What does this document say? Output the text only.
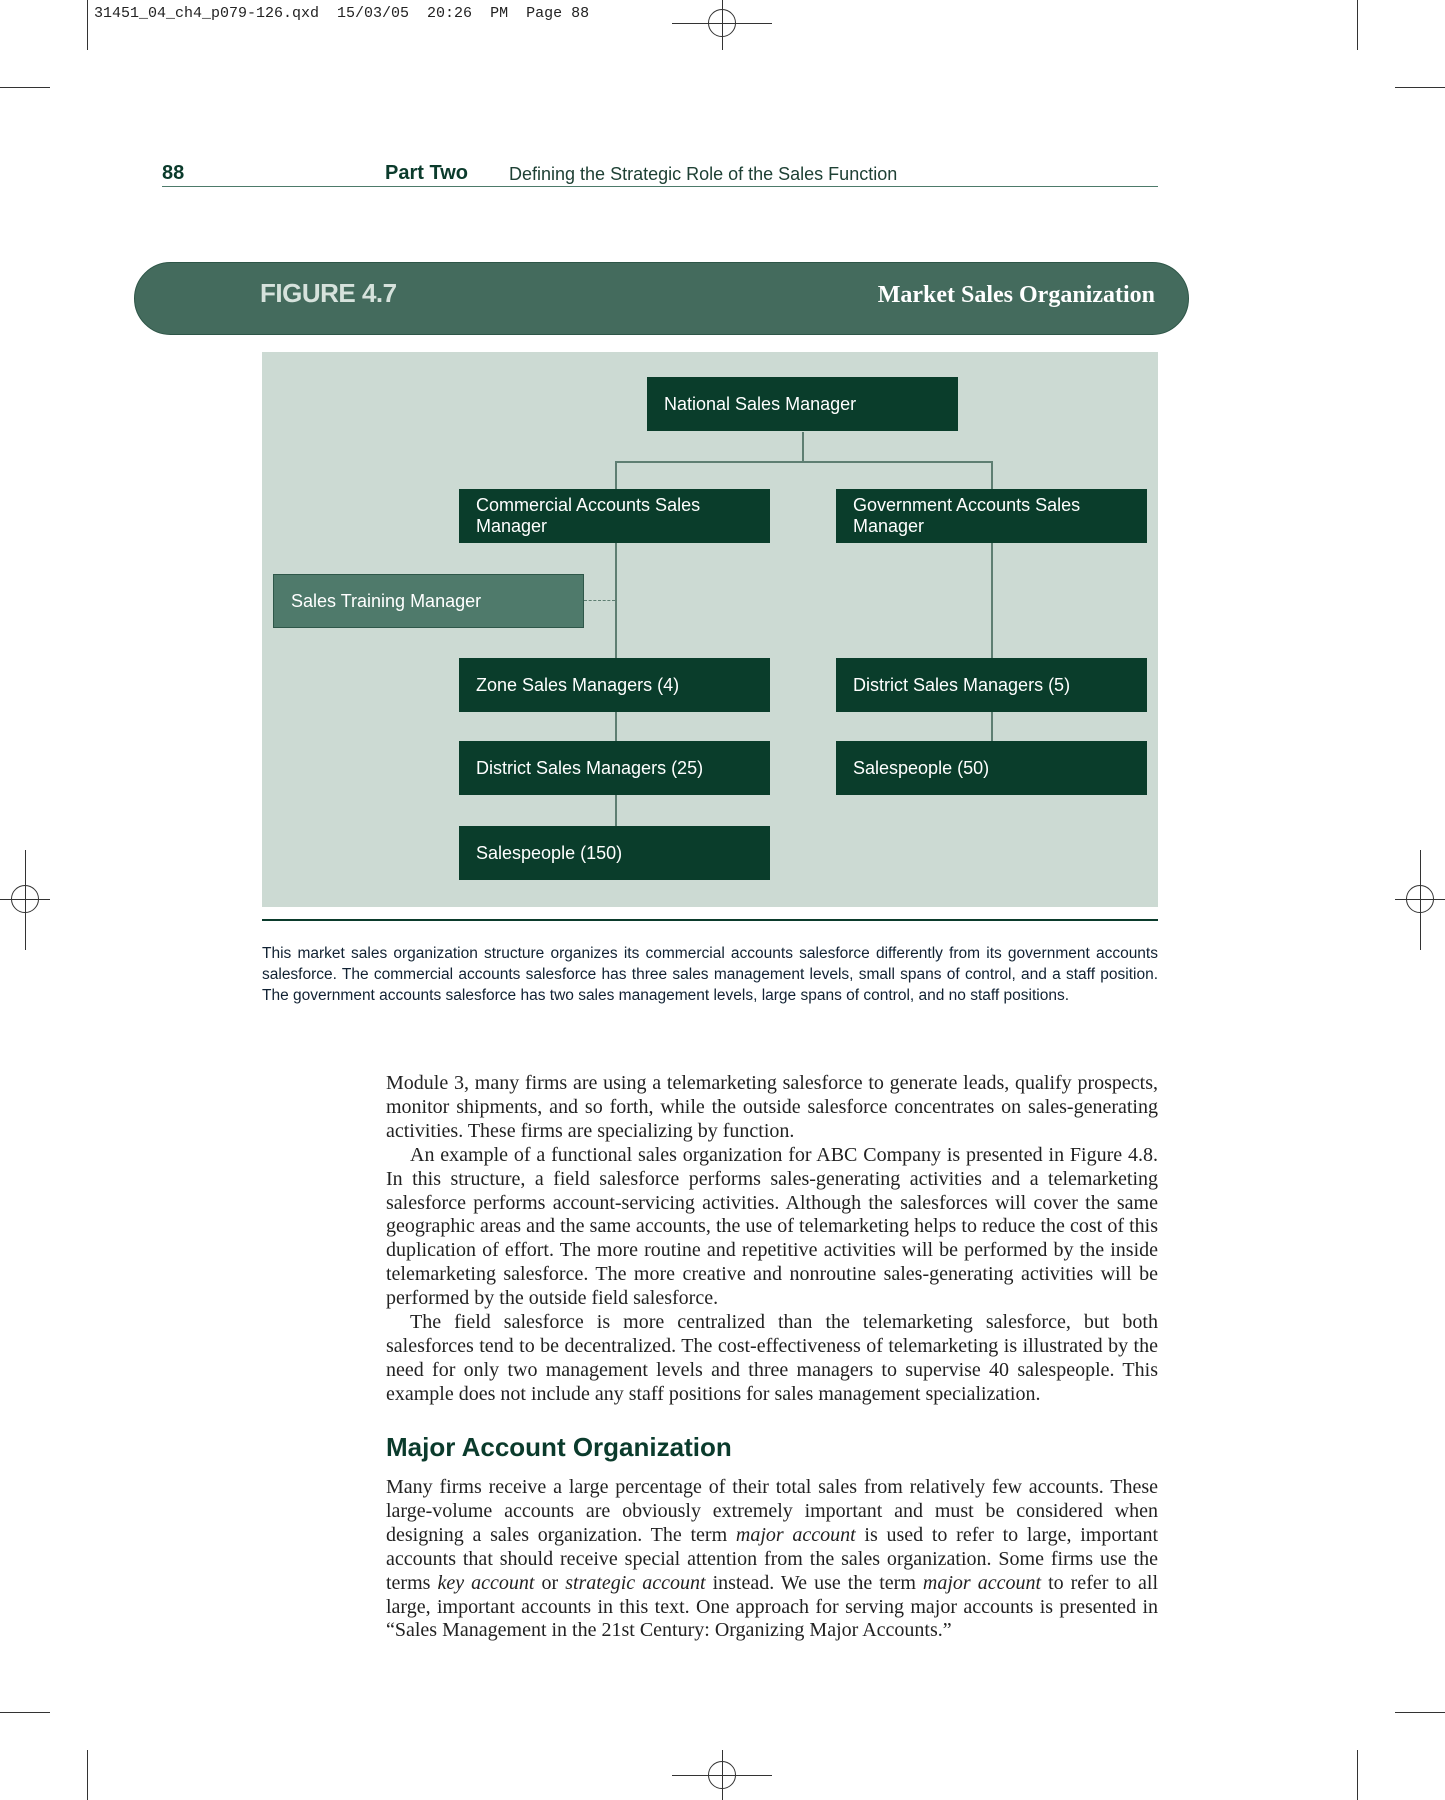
31451_04_ch4_p079-126.qxd  15/03/05  20:26  PM  Page 88
88	Part Two Defining the Strategic Role of the Sales Function
FIGURE 4.7	Market Sales Organization
National Sales Manager
Commercial Accounts Sales Manager
Government Accounts Sales Manager
Sales Training Manager
Zone Sales Managers (4)	District Sales Managers (5)
District Sales Managers (25)	Salespeople (50)
Salespeople (150)
This market sales organization structure organizes its commercial accounts salesforce differently from its government accounts salesforce. The commercial accounts salesforce has three sales management levels, small spans of control, and a staff position. The government accounts salesforce has two sales management levels, large spans of control, and no staff positions.

Module 3, many firms are using a telemarketing salesforce to generate leads, qualify prospects, monitor shipments, and so forth, while the outside salesforce concentrates on sales-generating activities. These firms are specializing by function.

An example of a functional sales organization for ABC Company is presented in Figure 4.8. In this structure, a field salesforce performs sales-generating activities and a telemarketing salesforce performs account-servicing activities. Although the salesforces will cover the same geographic areas and the same accounts, the use of telemarketing helps to reduce the cost of this duplication of effort. The more routine and repetitive activities will be performed by the inside telemarketing salesforce. The more creative and nonroutine sales-generating activities will be performed by the outside field salesforce.

The field salesforce is more centralized than the telemarketing salesforce, but both salesforces tend to be decentralized. The cost-effectiveness of telemarketing is illustrated by the need for only two management levels and three managers to supervise 40 salespeople. This example does not include any staff positions for sales management specialization.

Major Account Organization

Many firms receive a large percentage of their total sales from relatively few accounts. These large-volume accounts are obviously extremely important and must be considered when designing a sales organization. The term major account is used to refer to large, important accounts that should receive special attention from the sales organization. Some firms use the terms key account or strategic account instead. We use the term major account to refer to all large, important accounts in this text. One approach for serving major accounts is presented in “Sales Management in the 21st Century: Organizing Major Accounts.”
